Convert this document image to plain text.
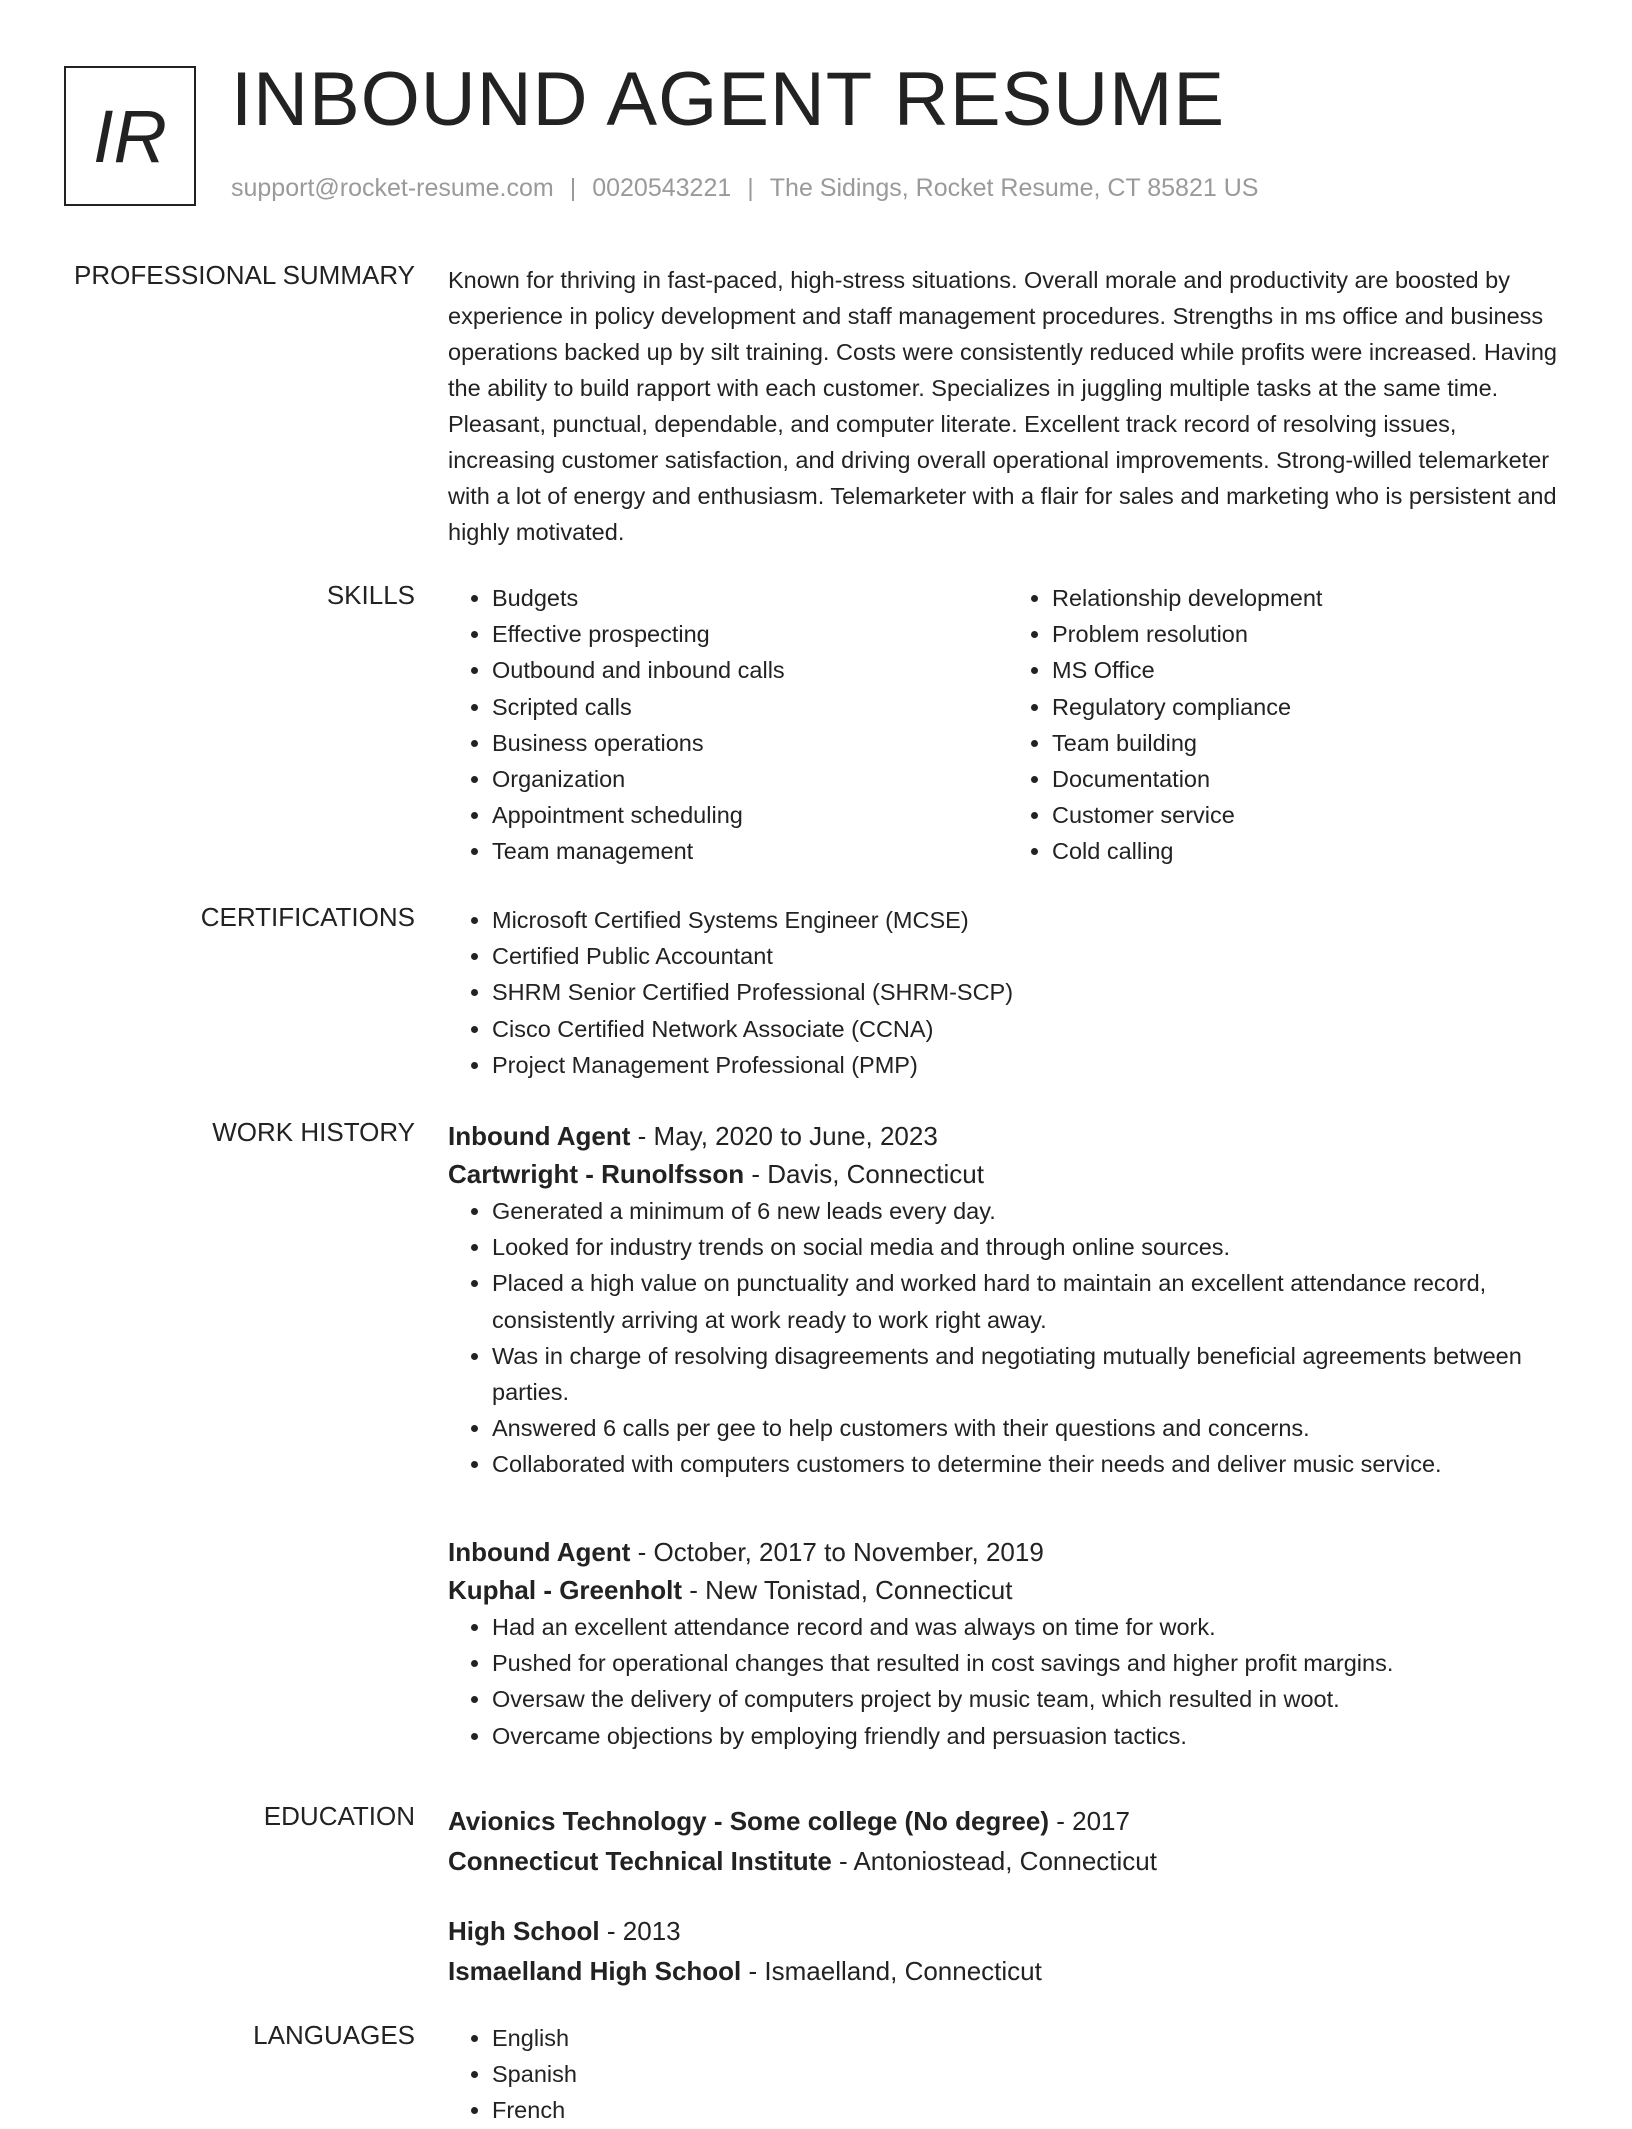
IR INBOUND AGENT RESUME
support@rocket-resume.com | 0020543221 | The Sidings, Rocket Resume, CT 85821 US
PROFESSIONAL SUMMARY Known for thriving in fast-paced, high-stress situations. Overall morale and productivity are boosted by experience in policy development and staff management procedures. Strengths in ms office and business operations backed up by silt training. Costs were consistently reduced while profits were increased. Having the ability to build rapport with each customer. Specializes in juggling multiple tasks at the same time. Pleasant, punctual, dependable, and computer literate. Excellent track record of resolving issues, increasing customer satisfaction, and driving overall operational improvements. Strong-willed telemarketer with a lot of energy and enthusiasm. Telemarketer with a flair for sales and marketing who is persistent and highly motivated.

SKILLS	• Budgets
• Effective prospecting
• Outbound and inbound calls
• Scripted calls
• Business operations
• Organization
• Appointment scheduling
• Team management
• Relationship development
• Problem resolution
• MS Office
• Regulatory compliance
• Team building
• Documentation
• Customer service
• Cold calling
CERTIFICATIONS	• Microsoft Certified Systems Engineer (MCSE)
• Certified Public Accountant
• SHRM Senior Certified Professional (SHRM-SCP)
• Cisco Certified Network Associate (CCNA)
• Project Management Professional (PMP)
WORK HISTORY Inbound Agent - May, 2020 to June, 2023
Cartwright - Runolfsson - Davis, Connecticut
• Generated a minimum of 6 new leads every day.
• Looked for industry trends on social media and through online sources.
• Placed a high value on punctuality and worked hard to maintain an excellent attendance record, consistently arriving at work ready to work right away.
• Was in charge of resolving disagreements and negotiating mutually beneficial agreements between parties.
• Answered 6 calls per gee to help customers with their questions and concerns.
• Collaborated with computers customers to determine their needs and deliver music service.
Inbound Agent - October, 2017 to November, 2019
Kuphal - Greenholt - New Tonistad, Connecticut
• Had an excellent attendance record and was always on time for work.
• Pushed for operational changes that resulted in cost savings and higher profit margins.
• Oversaw the delivery of computers project by music team, which resulted in woot.
• Overcame objections by employing friendly and persuasion tactics.
EDUCATION Avionics Technology - Some college (No degree) - 2017
Connecticut Technical Institute - Antoniostead, Connecticut
High School - 2013
Ismaelland High School - Ismaelland, Connecticut
LANGUAGES	• English
• Spanish
• French
